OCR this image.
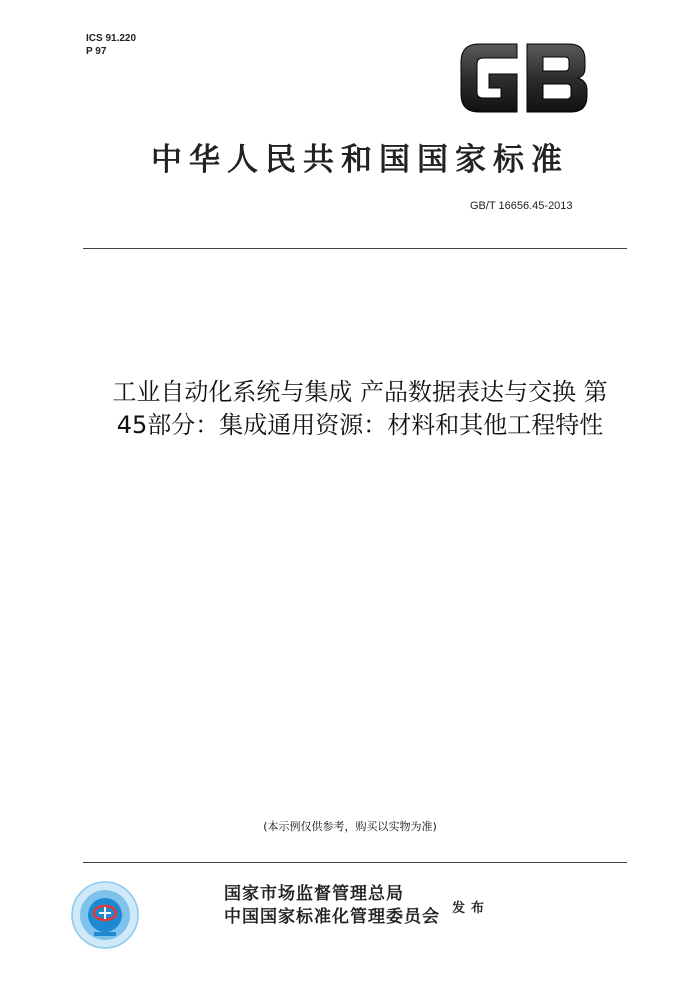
ICS 91.220
P 97
GB
中华人民共和国国家标准
GB/T 16656.45-2013
工业自动化系统与集成 产品数据表达与交换 第
45部分：集成通用资源：材料和其他工程特性
(本示例仅供参考，购买以实物为准)
国家市场监督管理总局
中国国家标准化管理委员会 发布
